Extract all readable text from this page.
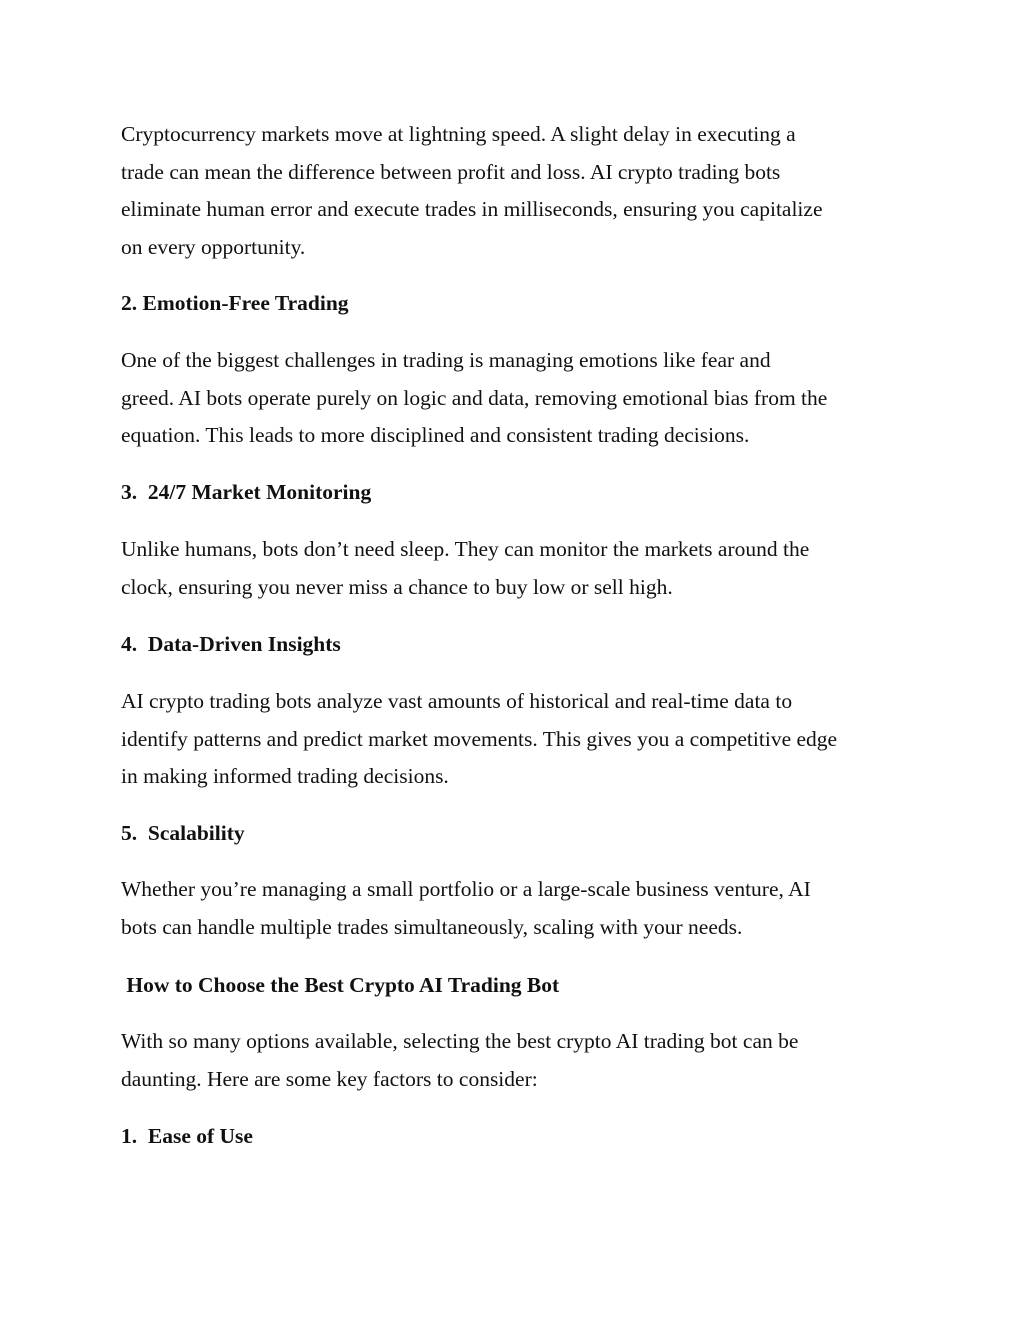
Cryptocurrency markets move at lightning speed. A slight delay in executing a
trade can mean the difference between profit and loss. AI crypto trading bots
eliminate human error and execute trades in milliseconds, ensuring you capitalize
on every opportunity.

2. Emotion-Free Trading

One of the biggest challenges in trading is managing emotions like fear and
greed. AI bots operate purely on logic and data, removing emotional bias from the
equation. This leads to more disciplined and consistent trading decisions.

3.  24/7 Market Monitoring

Unlike humans, bots don’t need sleep. They can monitor the markets around the
clock, ensuring you never miss a chance to buy low or sell high.

4.  Data-Driven Insights

AI crypto trading bots analyze vast amounts of historical and real-time data to
identify patterns and predict market movements. This gives you a competitive edge
in making informed trading decisions.

5.  Scalability

Whether you’re managing a small portfolio or a large-scale business venture, AI
bots can handle multiple trades simultaneously, scaling with your needs.

How to Choose the Best Crypto AI Trading Bot

With so many options available, selecting the best crypto AI trading bot can be
daunting. Here are some key factors to consider:

1.  Ease of Use
